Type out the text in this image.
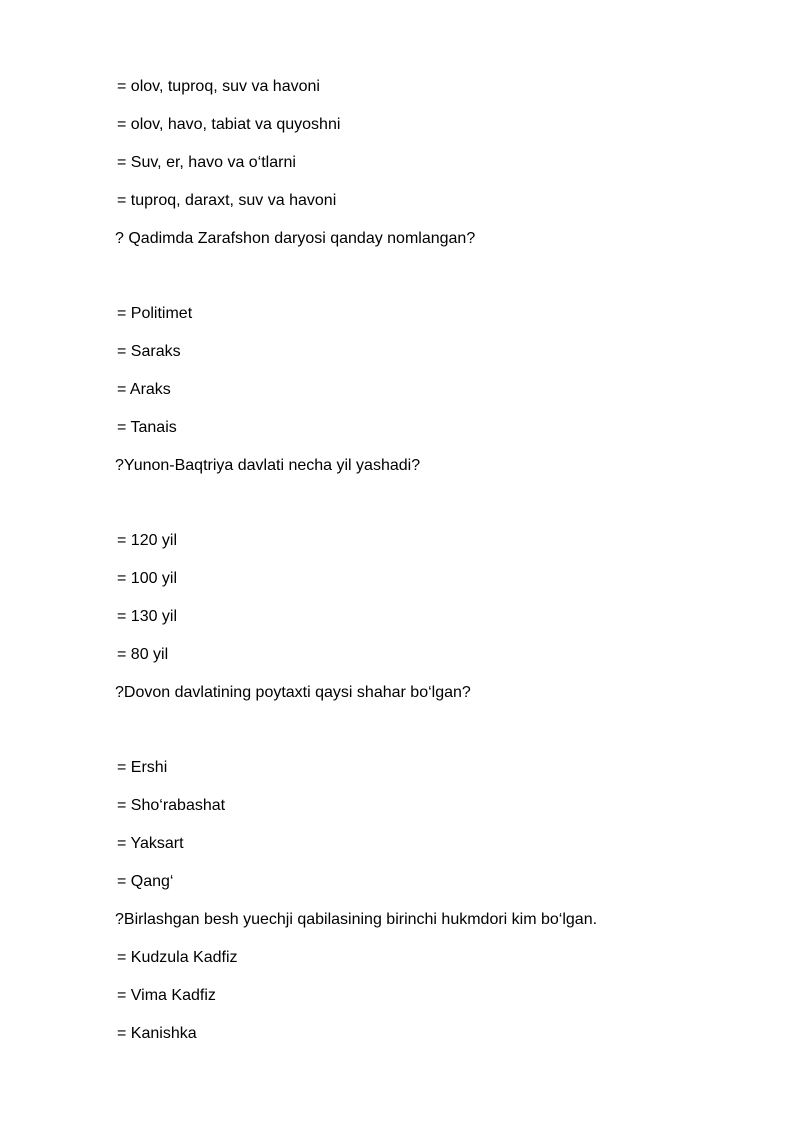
= olov, tuproq, suv va havoni
= olov, havo, tabiat va quyoshni
= Suv, er, havo va o‘tlarni
= tuproq, daraxt, suv va havoni
? Qadimda Zarafshon daryosi qanday nomlangan?
= Politimet
= Saraks
= Araks
= Tanais
?Yunon-Baqtriya davlati necha yil yashadi?
= 120 yil
= 100 yil
= 130 yil
= 80 yil
?Dovon davlatining poytaxti qaysi shahar bo‘lgan?
= Ershi
= Sho‘rabashat
= Yaksart
= Qang‘
?Birlashgan besh yuechji qabilasining birinchi hukmdori kim bo‘lgan.
= Kudzula Kadfiz
= Vima Kadfiz
= Kanishka
